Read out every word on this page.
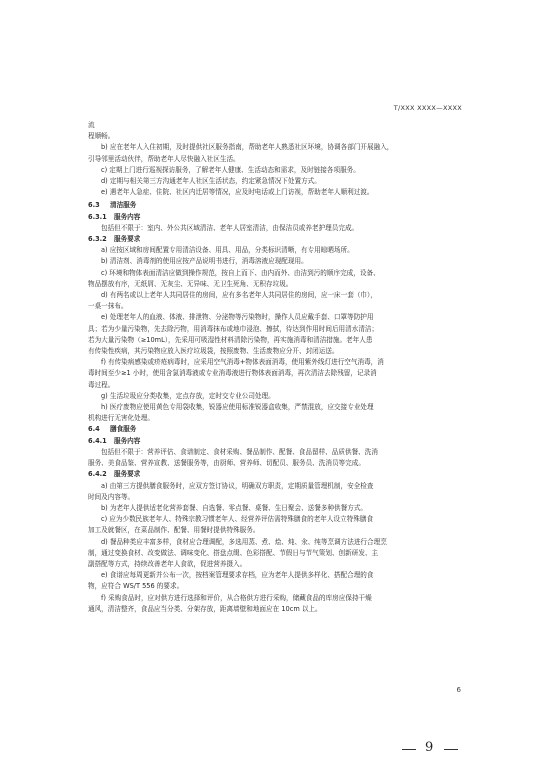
T/XXX XXXX—XXXX

流

程顺畅。

b) 应在老年人入住初期，及时提供社区服务指南，帮助老年人熟悉社区环境，协调各部门开展融入，

引导邻里活动伙伴，帮助老年人尽快融入社区生活。

c) 定期上门进行巡视探访服务，了解老年人健康、生活动态和需求，及时链接各项服务。

d) 定期与相关第三方沟通老年人社区生活状态，约定紧急情况下处置方式。

e) 遇老年人急症、住院、社区内迁居等情况，应及时电话或上门访视，帮助老年人顺利过渡。

6.3 清洁服务

6.3.1 服务内容

包括但不限于：室内、外公共区域清洁、老年人居室清洁，由保洁员或养老护理员完成。

6.3.2 服务要求

a) 应按区域和房间配置专用清洁设备、用具、用品，分类标识清晰，有专用晾晒场所。

b) 清洁剂、消毒剂的使用应按产品说明书进行，消毒溶液应现配现用。

c) 环境和物体表面清洁应做到操作规范，按自上而下、由内而外、由洁到污的顺序完成，设备、

物品摆放有序，无纸屑、无灰尘、无异味、无卫生死角、无积存垃圾。

d) 有两名或以上老年人共同居住的房间，应有多名老年人共同居住的房间，应一床一套（巾），

一桌一抹布。

e) 处理老年人的血液、体液、排泄物、分泌物等污染物时，操作人员应戴手套、口罩等防护用

具；若为少量污染物，先去除污物，用消毒抹布或地巾浸泡、擦拭，待达到作用时间后用清水清洁；

若为大量污染物（≥10mL），先采用可吸湿性材料清除污染物，再实施消毒和清洁措施。老年人患

有传染性疾病，其污染物应放入医疗垃圾袋，按照废物、生活废物应分开、封闭运送。

f) 有传染病感染或疥疮病毒时，应采用空气消毒+物体表面消毒，使用紫外线灯进行空气消毒，消

毒时间至少≥1 小时，使用含氯消毒液或专业消毒液进行物体表面消毒，再次清洁去除残留，记录消

毒过程。

g) 生活垃圾应分类收集，定点存放，定时交专业公司处理。

h) 医疗废物应使用黄色专用袋收集，锐器应使用标准锐器盒收集，严禁混放，应交接专业处理

机构进行无害化处理。

6.4 膳食服务

6.4.1 服务内容

包括但不限于：营养评估、食谱制定、食材采购、餐品制作、配餐、食品留样、品质供餐、洗消

服务、美食品鉴、营养宣教、送餐服务等，由厨师、营养师、切配员、服务员、洗消员等完成。

6.4.2 服务要求

a) 由第三方提供膳食服务时，应双方签订协议，明确双方职责，定期质量管理机制，安全检查

时间及内容等。

b) 为老年人提供适老化营养套餐、自选餐、零点餐、桌餐、生日聚会、送餐多种供餐方式。

c) 应为少数民族老年人、特殊宗教习惯老年人、经营养评估需特殊膳食的老年人设立特殊膳食

加工及就餐区，在菜品制作、配餐、用餐时提供特殊服务。

d) 餐品种类应丰富多样，食材应合理调配，多选用蒸、煮、烩、炖、汆、纯等烹调方法进行合理烹

制，通过变换食材、改变做法、调味变化、搭盘点缀、色彩搭配、节假日与节气策划、创新研发、主

副搭配等方式，持续改善老年人食欲，促进营养摄入。

e) 食谱应每周更新并公布一次，按档案管理要求存档，应为老年人提供多样化、搭配合理的食

物，应符合 WS/T 556 的要求。

f) 采购食品时，应对供方进行选择和评价，从合格供方进行采购，储藏食品的库房应保持干燥

通风，清洁整齐，食品应当分类、分架存放，距离墙壁和地面应在 10cm 以上。

6
9
